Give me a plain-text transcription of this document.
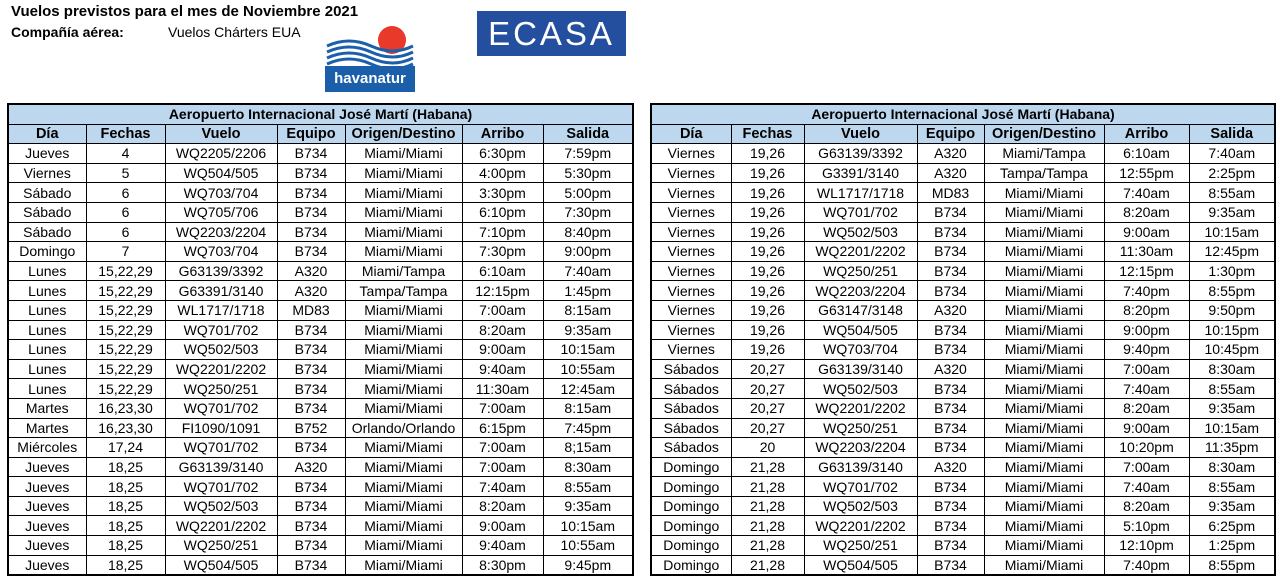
Vuelos previstos para el mes de Noviembre 2021
Compañía aérea:	Vuelos Chárters EUA
havanatur
ECASA
Aeropuerto Internacional José Martí (Habana)						
Día	Fechas	Vuelo	Equipo	Origen/Destino	Arribo	Salida
Jueves	4	WQ2205/2206	B734	Miami/Miami	6:30pm	7:59pm
Viernes	5	WQ504/505	B734	Miami/Miami	4:00pm	5:30pm
Sábado	6	WQ703/704	B734	Miami/Miami	3:30pm	5:00pm
Sábado	6	WQ705/706	B734	Miami/Miami	6:10pm	7:30pm
Sábado	6	WQ2203/2204	B734	Miami/Miami	7:10pm	8:40pm
Domingo	7	WQ703/704	B734	Miami/Miami	7:30pm	9:00pm
Lunes	15,22,29	G63139/3392	A320	Miami/Tampa	6:10am	7:40am
Lunes	15,22,29	G63391/3140	A320	Tampa/Tampa	12:15pm	1:45pm
Lunes	15,22,29	WL1717/1718	MD83	Miami/Miami	7:00am	8:15am
Lunes	15,22,29	WQ701/702	B734	Miami/Miami	8:20am	9:35am
Lunes	15,22,29	WQ502/503	B734	Miami/Miami	9:00am	10:15am
Lunes	15,22,29	WQ2201/2202	B734	Miami/Miami	9:40am	10:55am
Lunes	15,22,29	WQ250/251	B734	Miami/Miami	11:30am	12:45am
Martes	16,23,30	WQ701/702	B734	Miami/Miami	7:00am	8:15am
Martes	16,23,30	FI1090/1091	B752	Orlando/Orlando	6:15pm	7:45pm
Miércoles	17,24	WQ701/702	B734	Miami/Miami	7:00am	8;15am
Jueves	18,25	G63139/3140	A320	Miami/Miami	7:00am	8:30am
Jueves	18,25	WQ701/702	B734	Miami/Miami	7:40am	8:55am
Jueves	18,25	WQ502/503	B734	Miami/Miami	8:20am	9:35am
Jueves	18,25	WQ2201/2202	B734	Miami/Miami	9:00am	10:15am
Jueves	18,25	WQ250/251	B734	Miami/Miami	9:40am	10:55am
Jueves	18,25	WQ504/505	B734	Miami/Miami	8:30pm	9:45pm
Aeropuerto Internacional José Martí (Habana)						
Día	Fechas	Vuelo	Equipo	Origen/Destino	Arribo	Salida
Viernes	19,26	G63139/3392	A320	Miami/Tampa	6:10am	7:40am
Viernes	19,26	G3391/3140	A320	Tampa/Tampa	12:55pm	2:25pm
Viernes	19,26	WL1717/1718	MD83	Miami/Miami	7:40am	8:55am
Viernes	19,26	WQ701/702	B734	Miami/Miami	8:20am	9:35am
Viernes	19,26	WQ502/503	B734	Miami/Miami	9:00am	10:15am
Viernes	19,26	WQ2201/2202	B734	Miami/Miami	11:30am	12:45pm
Viernes	19,26	WQ250/251	B734	Miami/Miami	12:15pm	1:30pm
Viernes	19,26	WQ2203/2204	B734	Miami/Miami	7:40pm	8:55pm
Viernes	19,26	G63147/3148	A320	Miami/Miami	8:20pm	9:50pm
Viernes	19,26	WQ504/505	B734	Miami/Miami	9:00pm	10:15pm
Viernes	19,26	WQ703/704	B734	Miami/Miami	9:40pm	10:45pm
Sábados	20,27	G63139/3140	A320	Miami/Miami	7:00am	8:30am
Sábados	20,27	WQ502/503	B734	Miami/Miami	7:40am	8:55am
Sábados	20,27	WQ2201/2202	B734	Miami/Miami	8:20am	9:35am
Sábados	20,27	WQ250/251	B734	Miami/Miami	9:00am	10:15am
Sábados	20	WQ2203/2204	B734	Miami/Miami	10:20pm	11:35pm
Domingo	21,28	G63139/3140	A320	Miami/Miami	7:00am	8:30am
Domingo	21,28	WQ701/702	B734	Miami/Miami	7:40am	8:55am
Domingo	21,28	WQ502/503	B734	Miami/Miami	8:20am	9:35am
Domingo	21,28	WQ2201/2202	B734	Miami/Miami	5:10pm	6:25pm
Domingo	21,28	WQ250/251	B734	Miami/Miami	12:10pm	1:25pm
Domingo	21,28	WQ504/505	B734	Miami/Miami	7:40pm	8:55pm
